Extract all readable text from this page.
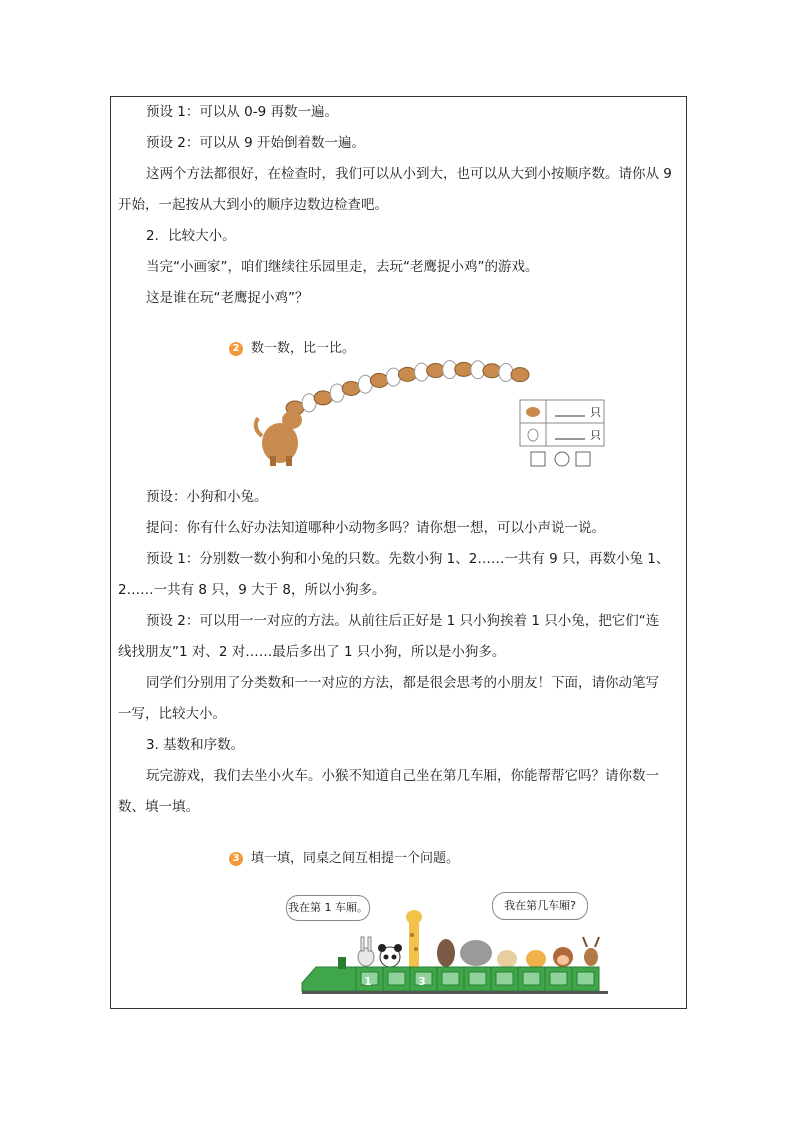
预设 1：可以从 0-9 再数一遍。
预设 2：可以从 9 开始倒着数一遍。
这两个方法都很好，在检查时，我们可以从小到大，也可以从大到小按顺序数。请你从 9
开始，一起按从大到小的顺序边数边检查吧。
2．比较大小。
当完“小画家”，咱们继续往乐园里走，去玩“老鹰捉小鸡”的游戏。
这是谁在玩“老鹰捉小鸡”？
2 数一数，比一比。
只
只
预设：小狗和小兔。
提问：你有什么好办法知道哪种小动物多吗？请你想一想，可以小声说一说。
预设 1：分别数一数小狗和小兔的只数。先数小狗 1、2……一共有 9 只，再数小兔 1、
2……一共有 8 只，9 大于 8，所以小狗多。
预设 2：可以用一一对应的方法。从前往后正好是 1 只小狗挨着 1 只小兔，把它们“连
线找朋友”1 对、2 对……最后多出了 1 只小狗，所以是小狗多。
同学们分别用了分类数和一一对应的方法，都是很会思考的小朋友！下面，请你动笔写
一写，比较大小。
3. 基数和序数。
玩完游戏，我们去坐小火车。小猴不知道自己坐在第几车厢，你能帮帮它吗？请你数一
数、填一填。
3 填一填，同桌之间互相提一个问题。
我在第 1 车厢。	我在第几车厢?
1	3
